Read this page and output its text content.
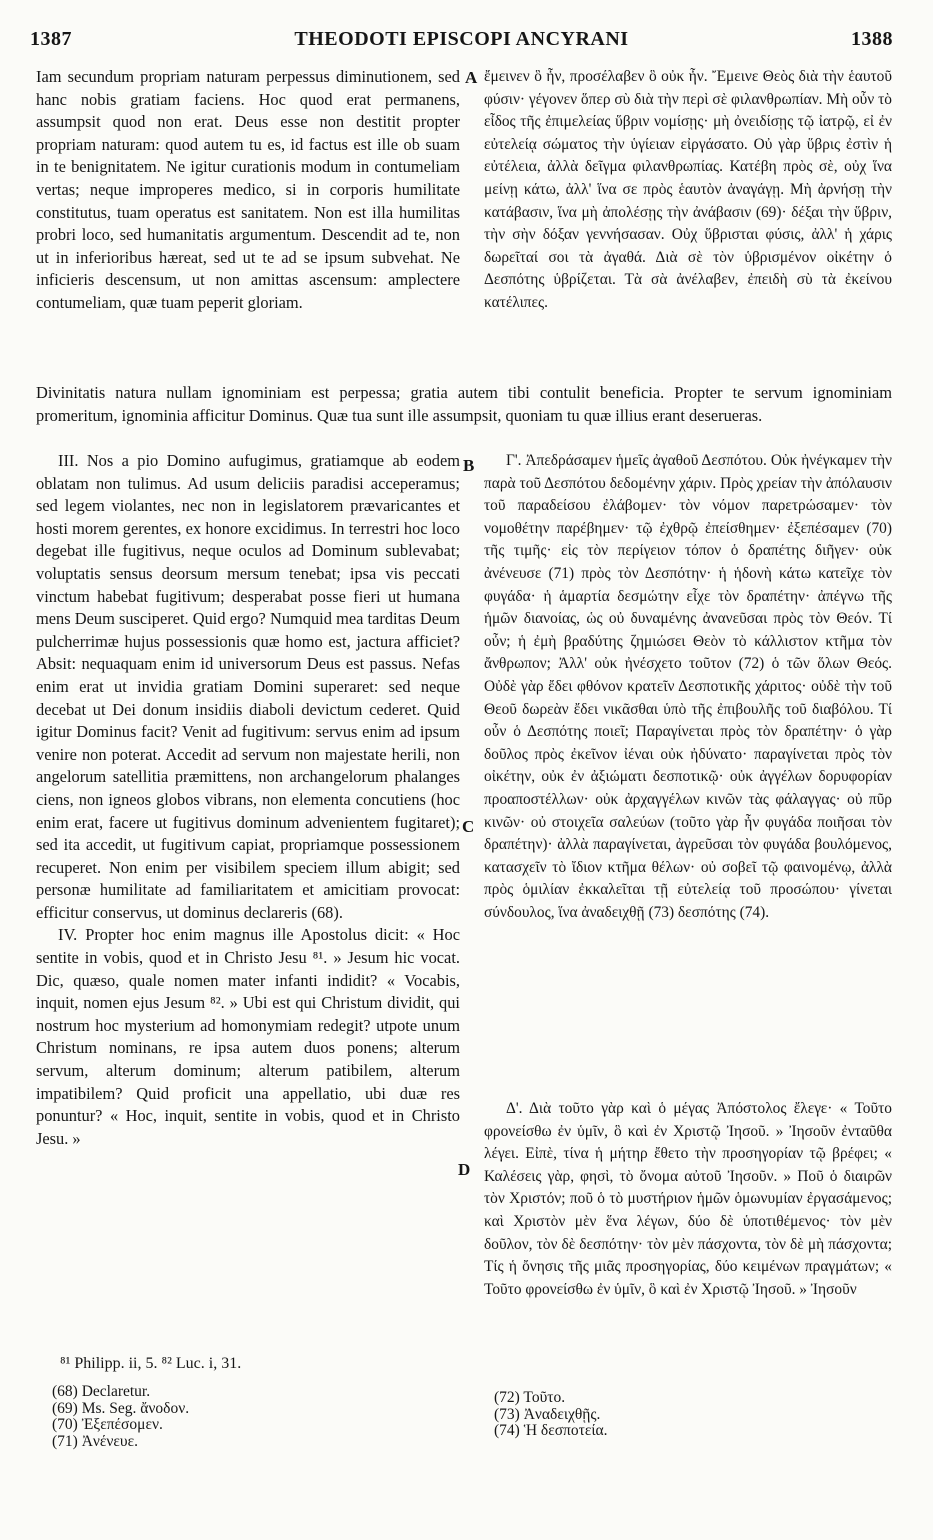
1387	THEODOTI EPISCOPI ANCYRANI	1388
A
B
C
D

Iam secundum propriam naturam perpessus diminutionem, sed hanc nobis gratiam faciens. Hoc quod erat permanens, assumpsit quod non erat. Deus esse non destitit propter propriam naturam: quod autem tu es, id factus est ille ob suam in te benignitatem. Ne igitur curationis modum in contumeliam vertas; neque improperes medico, si in corporis humilitate constitutus, tuam operatus est sanitatem. Non est illa humilitas probri loco, sed humanitatis argumentum. Descendit ad te, non ut in inferioribus hæreat, sed ut te ad se ipsum subvehat. Ne inficieris descensum, ut non amittas ascensum: amplectere contumeliam, quæ tuam peperit gloriam.

ἔμεινεν ὃ ἦν, προσέλαβεν ὃ οὐκ ἦν. Ἔμεινε Θεὸς διὰ τὴν ἑαυτοῦ φύσιν· γέγονεν ὅπερ σὺ διὰ τὴν περὶ σὲ φιλανθρωπίαν. Μὴ οὖν τὸ εἶδος τῆς ἐπιμελείας ὕβριν νομίσῃς· μὴ ὀνειδίσῃς τῷ ἰατρῷ, εἰ ἐν εὐτελείᾳ σώματος τὴν ὑγίειαν εἰργάσατο. Οὐ γὰρ ὕβρις ἐστὶν ἡ εὐτέλεια, ἀλλὰ δεῖγμα φιλανθρωπίας. Κατέβη πρὸς σὲ, οὐχ ἵνα μείνῃ κάτω, ἀλλ' ἵνα σε πρὸς ἑαυτὸν ἀναγάγῃ. Μὴ ἀρνήσῃ τὴν κατάβασιν, ἵνα μὴ ἀπολέσῃς τὴν ἀνάβασιν (69)· δέξαι τὴν ὕβριν, τὴν σὴν δόξαν γεννήσασαν. Οὐχ ὕβρισται φύσις, ἀλλ' ἡ χάρις δωρεῖταί σοι τὰ ἀγαθά. Διὰ σὲ τὸν ὑβρισμένον οἰκέτην ὁ Δεσπότης ὑβρίζεται. Τὰ σὰ ἀνέλαβεν, ἐπειδὴ σὺ τὰ ἐκείνου κατέλιπες.

Divinitatis natura nullam ignominiam est perpessa; gratia autem tibi contulit beneficia. Propter te servum ignominiam promeritum, ignominia afficitur Dominus. Quæ tua sunt ille assumpsit, quoniam tu quæ illius erant deserueras.

III. Nos a pio Domino aufugimus, gratiamque ab eodem oblatam non tulimus. Ad usum deliciis paradisi acceperamus; sed legem violantes, nec non in legislatorem prævaricantes et hosti morem gerentes, ex honore excidimus. In terrestri hoc loco degebat ille fugitivus, neque oculos ad Dominum sublevabat; voluptatis sensus deorsum mersum tenebat; ipsa vis peccati vinctum habebat fugitivum; desperabat posse fieri ut humana mens Deum susciperet. Quid ergo? Numquid mea tarditas Deum pulcherrimæ hujus possessionis quæ homo est, jactura afficiet? Absit: nequaquam enim id universorum Deus est passus. Nefas enim erat ut invidia gratiam Domini superaret: sed neque decebat ut Dei donum insidiis diaboli devictum cederet. Quid igitur Dominus facit? Venit ad fugitivum: servus enim ad ipsum venire non poterat. Accedit ad servum non majestate herili, non angelorum satellitia præmittens, non archangelorum phalanges ciens, non igneos globos vibrans, non elementa concutiens (hoc enim erat, facere ut fugitivus dominum advenientem fugitaret); sed ita accedit, ut fugitivum capiat, propriamque possessionem recuperet. Non enim per visibilem speciem illum abigit; sed personæ humilitate ad familiaritatem et amicitiam provocat: efficitur conservus, ut dominus declareris (68).

IV. Propter hoc enim magnus ille Apostolus dicit: « Hoc sentite in vobis, quod et in Christo Jesu ⁸¹. » Jesum hic vocat. Dic, quæso, quale nomen mater infanti indidit? « Vocabis, inquit, nomen ejus Jesum ⁸². » Ubi est qui Christum dividit, qui nostrum hoc mysterium ad homonymiam redegit? utpote unum Christum nominans, re ipsa autem duos ponens; alterum servum, alterum dominum; alterum patibilem, alterum impatibilem? Quid proficit una appellatio, ubi duæ res ponuntur? « Hoc, inquit, sentite in vobis, quod et in Christo Jesu. »

Γ'. Ἀπεδράσαμεν ἡμεῖς ἀγαθοῦ Δεσπότου. Οὐκ ἠνέγκαμεν τὴν παρὰ τοῦ Δεσπότου δεδομένην χάριν. Πρὸς χρείαν τὴν ἀπόλαυσιν τοῦ παραδείσου ἐλάβομεν· τὸν νόμον παρετρώσαμεν· τὸν νομοθέτην παρέβημεν· τῷ ἐχθρῷ ἐπείσθημεν· ἐξεπέσαμεν (70) τῆς τιμῆς· εἰς τὸν περίγειον τόπον ὁ δραπέτης διῆγεν· οὐκ ἀνένευσε (71) πρὸς τὸν Δεσπότην· ἡ ἡδονὴ κάτω κατεῖχε τὸν φυγάδα· ἡ ἁμαρτία δεσμώτην εἶχε τὸν δραπέτην· ἀπέγνω τῆς ἡμῶν διανοίας, ὡς οὐ δυναμένης ἀνανεῦσαι πρὸς τὸν Θεόν. Τί οὖν; ἡ ἐμὴ βραδύτης ζημιώσει Θεὸν τὸ κάλλιστον κτῆμα τὸν ἄνθρωπον; Ἀλλ' οὐκ ἠνέσχετο τοῦτον (72) ὁ τῶν ὅλων Θεός. Οὐδὲ γὰρ ἔδει φθόνον κρατεῖν Δεσποτικῆς χάριτος· οὐδὲ τὴν τοῦ Θεοῦ δωρεὰν ἔδει νικᾶσθαι ὑπὸ τῆς ἐπιβουλῆς τοῦ διαβόλου. Τί οὖν ὁ Δεσπότης ποιεῖ; Παραγίνεται πρὸς τὸν δραπέτην· ὁ γὰρ δοῦλος πρὸς ἐκεῖνον ἰέναι οὐκ ἠδύνατο· παραγίνεται πρὸς τὸν οἰκέτην, οὐκ ἐν ἀξιώματι δεσποτικῷ· οὐκ ἀγγέλων δορυφορίαν προαποστέλλων· οὐκ ἀρχαγγέλων κινῶν τὰς φάλαγγας· οὐ πῦρ κινῶν· οὐ στοιχεῖα σαλεύων (τοῦτο γὰρ ἦν φυγάδα ποιῆσαι τὸν δραπέτην)· ἀλλὰ παραγίνεται, ἀγρεῦσαι τὸν φυγάδα βουλόμενος, κατασχεῖν τὸ ἴδιον κτῆμα θέλων· οὐ σοβεῖ τῷ φαινομένῳ, ἀλλὰ πρὸς ὁμιλίαν ἐκκαλεῖται τῇ εὐτελείᾳ τοῦ προσώπου· γίνεται σύνδουλος, ἵνα ἀναδειχθῇ (73) δεσπότης (74).

Δ'. Διὰ τοῦτο γὰρ καὶ ὁ μέγας Ἀπόστολος ἔλεγε· « Τοῦτο φρονείσθω ἐν ὑμῖν, ὃ καὶ ἐν Χριστῷ Ἰησοῦ. » Ἰησοῦν ἐνταῦθα λέγει. Εἰπὲ, τίνα ἡ μήτηρ ἔθετο τὴν προσηγορίαν τῷ βρέφει; « Καλέσεις γὰρ, φησὶ, τὸ ὄνομα αὐτοῦ Ἰησοῦν. » Ποῦ ὁ διαιρῶν τὸν Χριστόν; ποῦ ὁ τὸ μυστήριον ἡμῶν ὁμωνυμίαν ἐργασάμενος; καὶ Χριστὸν μὲν ἕνα λέγων, δύο δὲ ὑποτιθέμενος· τὸν μὲν δοῦλον, τὸν δὲ δεσπότην· τὸν μὲν πάσχοντα, τὸν δὲ μὴ πάσχοντα; Τίς ἡ ὄνησις τῆς μιᾶς προσηγορίας, δύο κειμένων πραγμάτων; « Τοῦτο φρονείσθω ἐν ὑμῖν, ὃ καὶ ἐν Χριστῷ Ἰησοῦ. » Ἰησοῦν

⁸¹ Philipp. ii, 5. ⁸² Luc. i, 31.
(68) Declaretur.
(69) Ms. Seg. ἄνοδον.
(70) Ἐξεπέσομεν.
(71) Ἀνένευε.
(72) Τοῦτο.
(73) Ἀναδειχθῇς.
(74) Ἡ δεσποτεία.
